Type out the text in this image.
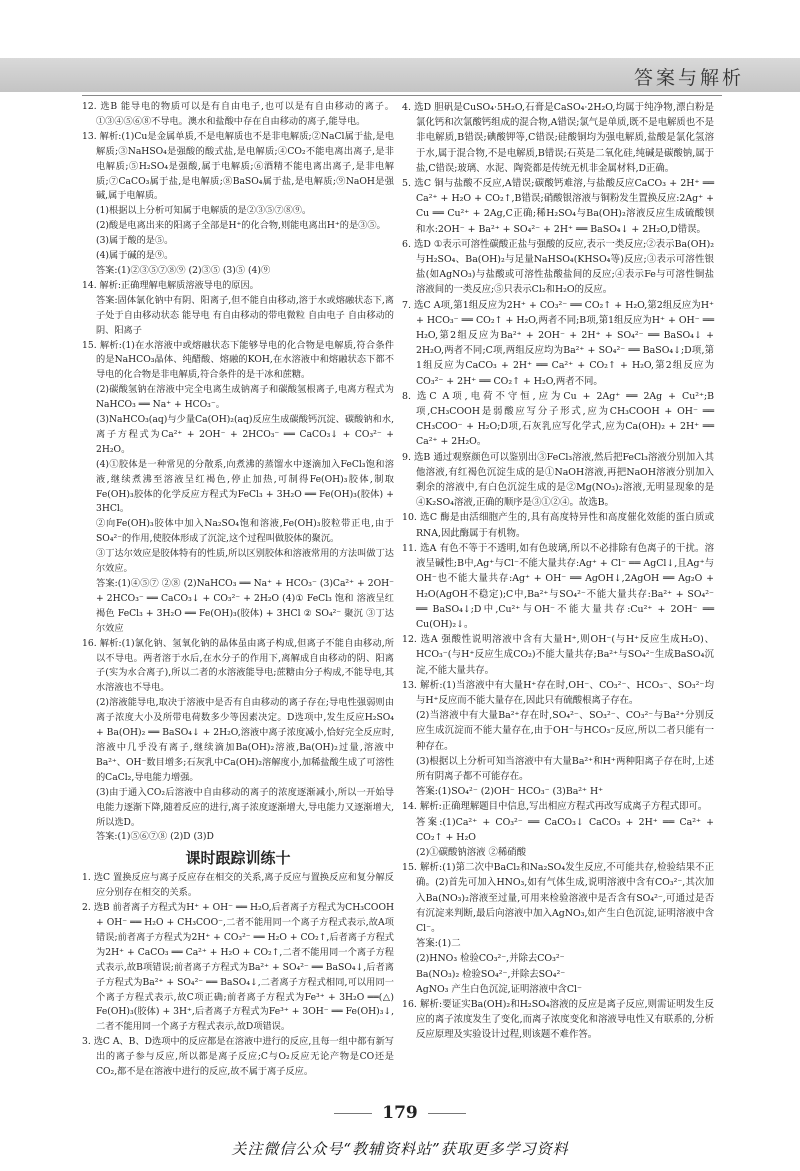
答案与解析

12. 选B 能导电的物质可以是有自由电子,也可以是有自由移动的离子。①③④⑤⑥⑧不导电。澳水和盐酸中存在自由移动的离子,能导电。

13. 解析:(1)Cu是金属单质,不是电解质也不是非电解质;②NaCl属于盐,是电解质;③NaHSO₄是强酸的酸式盐,是电解质;④CO₂不能电离出离子,是非电解质;⑤H₂SO₄是强酸,属于电解质;⑥酒精不能电离出离子,是非电解质;⑦CaCO₃属于盐,是电解质;⑧BaSO₄属于盐,是电解质;⑨NaOH是强碱,属于电解质。

(1)根据以上分析可知属于电解质的是②③⑤⑦⑧⑨。

(2)酸是电离出来的阳离子全部是H⁺的化合物,则能电离出H⁺的是③⑤。

(3)属于酸的是⑤。

(4)属于碱的是⑨。

答案:(1)②③⑤⑦⑧⑨ (2)③⑤ (3)⑤ (4)⑨

14. 解析:正确理解电解质溶液导电的原因。

答案:固体氯化钠中有阴、阳离子,但不能自由移动,溶于水或熔融状态下,离子处于自由移动状态 能导电 有自由移动的带电微粒 自由电子 自由移动的阴、阳离子

15. 解析:(1)在水溶液中或熔融状态下能够导电的化合物是电解质,符合条件的是NaHCO₃晶体、纯醋酸、熔融的KOH,在水溶液中和熔融状态下都不导电的化合物是非电解质,符合条件的是干冰和蔗糖。

(2)碳酸氢钠在溶液中完全电离生成钠离子和碳酸氢根离子,电离方程式为NaHCO₃ ══ Na⁺ + HCO₃⁻。

(3)NaHCO₃(aq)与少量Ca(OH)₂(aq)反应生成碳酸钙沉淀、碳酸钠和水,离子方程式为Ca²⁺ + 2OH⁻ + 2HCO₃⁻ ══ CaCO₃↓ + CO₃²⁻ + 2H₂O。

(4)①胶体是一种常见的分散系,向煮沸的蒸馏水中逐滴加入FeCl₃饱和溶液,继续煮沸至溶液呈红褐色,停止加热,可制得Fe(OH)₃胶体,制取Fe(OH)₃胶体的化学反应方程式为FeCl₃ + 3H₂O ══ Fe(OH)₃(胶体) + 3HCl。

②向Fe(OH)₃胶体中加入Na₂SO₄饱和溶液,Fe(OH)₃胶粒带正电,由于SO₄²⁻的作用,使胶体形成了沉淀,这个过程叫做胶体的聚沉。

③丁达尔效应是胶体特有的性质,所以区别胶体和溶液常用的方法叫做丁达尔效应。

答案:(1)④⑤⑦ ②⑧ (2)NaHCO₃ ══ Na⁺ + HCO₃⁻ (3)Ca²⁺ + 2OH⁻ + 2HCO₃⁻ ══ CaCO₃↓ + CO₃²⁻ + 2H₂O (4)① FeCl₃ 饱和 溶液呈红褐色 FeCl₃ + 3H₂O ══ Fe(OH)₃(胶体) + 3HCl ② SO₄²⁻ 聚沉 ③丁达尔效应

16. 解析:(1)氯化钠、氢氧化钠的晶体虽由离子构成,但离子不能自由移动,所以不导电。两者溶于水后,在水分子的作用下,离解成自由移动的阴、阳离子(实为水合离子),所以二者的水溶液能导电;蔗糖由分子构成,不能导电,其水溶液也不导电。

(2)溶液能导电,取决于溶液中是否有自由移动的离子存在;导电性强弱则由离子浓度大小及所带电荷数多少等因素决定。D选项中,发生反应H₂SO₄ + Ba(OH)₂ ══ BaSO₄↓ + 2H₂O,溶液中离子浓度减小,恰好完全反应时,溶液中几乎没有离子,继续滴加Ba(OH)₂溶液,Ba(OH)₂过量,溶液中Ba²⁺、OH⁻数目增多;石灰乳中Ca(OH)₂溶解度小,加稀盐酸生成了可溶性的CaCl₂,导电能力增强。

(3)由于通入CO₂后溶液中自由移动的离子的浓度逐渐减小,所以一开始导电能力逐渐下降,随着反应的进行,离子浓度逐渐增大,导电能力又逐渐增大,所以选D。

答案:(1)⑤⑥⑦⑧ (2)D (3)D

课时跟踪训练十

1. 选C 置换反应与离子反应存在相交的关系,离子反应与置换反应和复分解反应分别存在相交的关系。

2. 选B 前者离子方程式为H⁺ + OH⁻ ══ H₂O,后者离子方程式为CH₃COOH + OH⁻ ══ H₂O + CH₃COO⁻,二者不能用同一个离子方程式表示,故A项错误;前者离子方程式为2H⁺ + CO₃²⁻ ══ H₂O + CO₂↑,后者离子方程式为2H⁺ + CaCO₃ ══ Ca²⁺ + H₂O + CO₂↑,二者不能用同一个离子方程式表示,故B项错误;前者离子方程式为Ba²⁺ + SO₄²⁻ ══ BaSO₄↓,后者离子方程式为Ba²⁺ + SO₄²⁻ ══ BaSO₄↓,二者离子方程式相同,可以用同一个离子方程式表示,故C项正确;前者离子方程式为Fe³⁺ + 3H₂O ══(△) Fe(OH)₃(胶体) + 3H⁺,后者离子方程式为Fe³⁺ + 3OH⁻ ══ Fe(OH)₃↓,二者不能用同一个离子方程式表示,故D项错误。

3. 选C A、B、D选项中的反应都是在溶液中进行的反应,且每一组中都有新写出的离子参与反应,所以都是离子反应;C与O₂反应无论产物是CO还是CO₂,都不是在溶液中进行的反应,故不属于离子反应。

4. 选D 胆矾是CuSO₄·5H₂O,石膏是CaSO₄·2H₂O,均属于纯净物,漂白粉是氯化钙和次氯酸钙组成的混合物,A错误;氯气是单质,既不是电解质也不是非电解质,B错误;碘酸钾等,C错误;硅酸铜均为强电解质,盐酸是氯化氢溶于水,属于混合物,不是电解质,B错误;石英是二氧化硅,纯碱是碳酸钠,属于盐,C错误;玻璃、水泥、陶瓷都是传统无机非金属材料,D正确。

5. 选C 铜与盐酸不反应,A错误;碳酸钙难溶,与盐酸反应CaCO₃ + 2H⁺ ══ Ca²⁺ + H₂O + CO₂↑,B错误;硝酸银溶液与铜粉发生置换反应:2Ag⁺ + Cu ══ Cu²⁺ + 2Ag,C正确;稀H₂SO₄与Ba(OH)₂溶液反应生成硫酸钡和水:2OH⁻ + Ba²⁺ + SO₄²⁻ + 2H⁺ ══ BaSO₄↓ + 2H₂O,D错误。

6. 选D ①表示可溶性碳酸正盐与强酸的反应,表示一类反应;②表示Ba(OH)₂与H₂SO₄、Ba(OH)₂与足量NaHSO₄(KHSO₄等)反应;③表示可溶性银盐(如AgNO₃)与盐酸或可溶性盐酸盐间的反应;④表示Fe与可溶性铜盐溶液间的一类反应;⑤只表示Cl₂和H₂O的反应。

7. 选C A项,第1组反应为2H⁺ + CO₃²⁻ ══ CO₂↑ + H₂O,第2组反应为H⁺ + HCO₃⁻ ══ CO₂↑ + H₂O,两者不同;B项,第1组反应为H⁺ + OH⁻ ══ H₂O,第2组反应为Ba²⁺ + 2OH⁻ + 2H⁺ + SO₄²⁻ ══ BaSO₄↓ + 2H₂O,两者不同;C项,两组反应均为Ba²⁺ + SO₄²⁻ ══ BaSO₄↓;D项,第1组反应为CaCO₃ + 2H⁺ ══ Ca²⁺ + CO₂↑ + H₂O,第2组反应为CO₃²⁻ + 2H⁺ ══ CO₂↑ + H₂O,两者不同。

8. 选C A项,电荷不守恒,应为Cu + 2Ag⁺ ══ 2Ag + Cu²⁺;B项,CH₃COOH是弱酸应写分子形式,应为CH₃COOH + OH⁻ ══ CH₃COO⁻ + H₂O;D项,石灰乳应写化学式,应为Ca(OH)₂ + 2H⁺ ══ Ca²⁺ + 2H₂O。

9. 选B 通过观察颜色可以鉴别出③FeCl₃溶液,然后把FeCl₃溶液分别加入其他溶液,有红褐色沉淀生成的是①NaOH溶液,再把NaOH溶液分别加入剩余的溶液中,有白色沉淀生成的是②Mg(NO₃)₂溶液,无明显现象的是④K₂SO₄溶液,正确的顺序是③①②④。故选B。

10. 选C 酶是由活细胞产生的,具有高度特异性和高度催化效能的蛋白质或RNA,因此酶属于有机物。

11. 选A 有色不等于不透明,如有色玻璃,所以不必排除有色离子的干扰。溶液呈碱性;B中,Ag⁺与Cl⁻不能大量共存:Ag⁺ + Cl⁻ ══ AgCl↓,且Ag⁺与OH⁻也不能大量共存:Ag⁺ + OH⁻ ══ AgOH↓,2AgOH ══ Ag₂O + H₂O(AgOH不稳定);C中,Ba²⁺与SO₄²⁻不能大量共存:Ba²⁺ + SO₄²⁻ ══ BaSO₄↓;D中,Cu²⁺与OH⁻不能大量共存:Cu²⁺ + 2OH⁻ ══ Cu(OH)₂↓。

12. 选A 强酸性说明溶液中含有大量H⁺,则OH⁻(与H⁺反应生成H₂O)、HCO₃⁻(与H⁺反应生成CO₂)不能大量共存;Ba²⁺与SO₄²⁻生成BaSO₄沉淀,不能大量共存。

13. 解析:(1)当溶液中有大量H⁺存在时,OH⁻、CO₃²⁻、HCO₃⁻、SO₃²⁻均与H⁺反应而不能大量存在,因此只有硫酸根离子存在。

(2)当溶液中有大量Ba²⁺存在时,SO₄²⁻、SO₃²⁻、CO₃²⁻与Ba²⁺分别反应生成沉淀而不能大量存在,由于OH⁻与HCO₃⁻反应,所以二者只能有一种存在。

(3)根据以上分析可知当溶液中有大量Ba²⁺和H⁺两种阳离子存在时,上述所有阴离子都不可能存在。

答案:(1)SO₄²⁻ (2)OH⁻ HCO₃⁻ (3)Ba²⁺ H⁺

14. 解析:正确理解题目中信息,写出相应方程式再改写成离子方程式即可。

答案:(1)Ca²⁺ + CO₃²⁻ ══ CaCO₃↓ CaCO₃ + 2H⁺ ══ Ca²⁺ + CO₂↑ + H₂O

(2)①碳酸钠溶液 ②稀硝酸

15. 解析:(1)第二次中BaCl₂和Na₂SO₄发生反应,不可能共存,检验结果不正确。(2)首先可加入HNO₃,如有气体生成,说明溶液中含有CO₃²⁻,其次加入Ba(NO₃)₂溶液至过量,可用来检验溶液中是否含有SO₄²⁻,可通过是否有沉淀来判断,最后向溶液中加入AgNO₃,如产生白色沉淀,证明溶液中含Cl⁻。

答案:(1)二

(2)HNO₃ 检验CO₃²⁻,并除去CO₃²⁻

Ba(NO₃)₂ 检验SO₄²⁻,并除去SO₄²⁻

AgNO₃ 产生白色沉淀,证明溶液中含Cl⁻

16. 解析:要证实Ba(OH)₂和H₂SO₄溶液的反应是离子反应,则需证明发生反应的离子浓度发生了变化,而离子浓度变化和溶液导电性又有联系的,分析反应原理及实验设计过程,则该题不难作答。

179
关注微信公众号“教辅资料站”获取更多学习资料
